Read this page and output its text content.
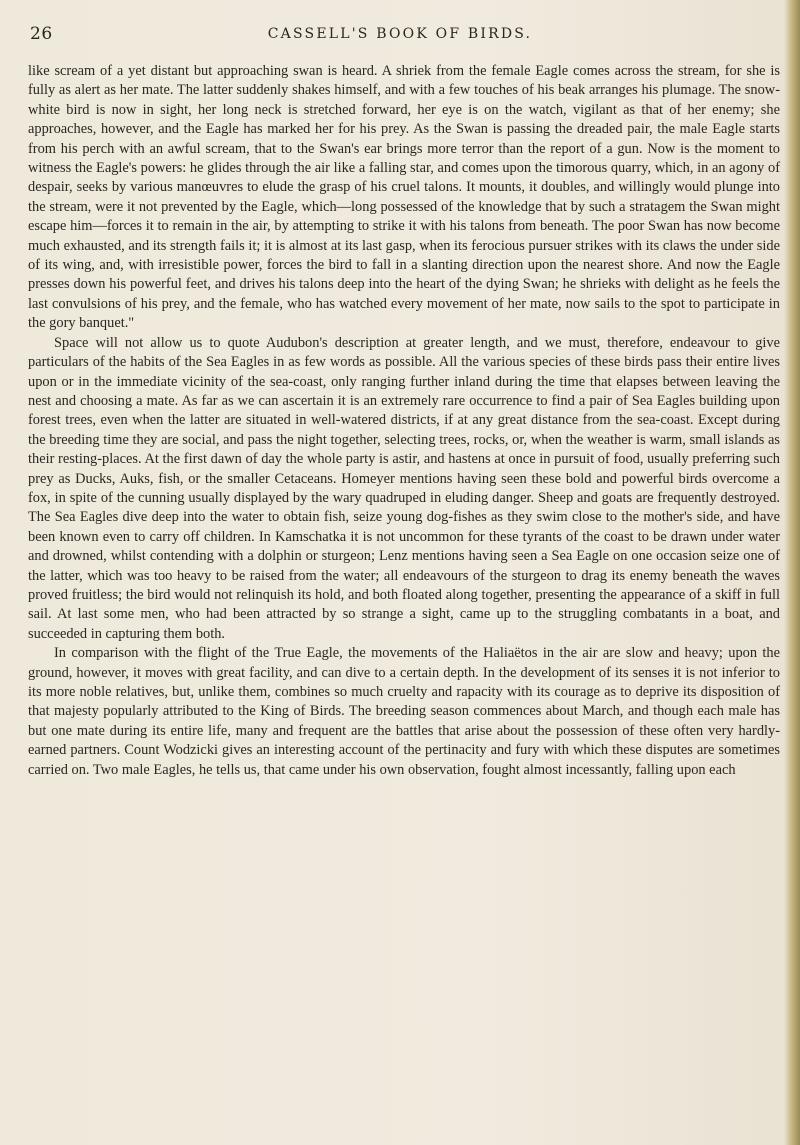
26	CASSELL'S BOOK OF BIRDS.

like scream of a yet distant but approaching swan is heard. A shriek from the female Eagle comes across the stream, for she is fully as alert as her mate. The latter suddenly shakes himself, and with a few touches of his beak arranges his plumage. The snow-white bird is now in sight, her long neck is stretched forward, her eye is on the watch, vigilant as that of her enemy; she approaches, however, and the Eagle has marked her for his prey. As the Swan is passing the dreaded pair, the male Eagle starts from his perch with an awful scream, that to the Swan's ear brings more terror than the report of a gun. Now is the moment to witness the Eagle's powers: he glides through the air like a falling star, and comes upon the timorous quarry, which, in an agony of despair, seeks by various manœuvres to elude the grasp of his cruel talons. It mounts, it doubles, and willingly would plunge into the stream, were it not prevented by the Eagle, which—long possessed of the knowledge that by such a stratagem the Swan might escape him—forces it to remain in the air, by attempting to strike it with his talons from beneath. The poor Swan has now become much exhausted, and its strength fails it; it is almost at its last gasp, when its ferocious pursuer strikes with its claws the under side of its wing, and, with irresistible power, forces the bird to fall in a slanting direction upon the nearest shore. And now the Eagle presses down his powerful feet, and drives his talons deep into the heart of the dying Swan; he shrieks with delight as he feels the last convulsions of his prey, and the female, who has watched every movement of her mate, now sails to the spot to participate in the gory banquet."

Space will not allow us to quote Audubon's description at greater length, and we must, therefore, endeavour to give particulars of the habits of the Sea Eagles in as few words as possible. All the various species of these birds pass their entire lives upon or in the immediate vicinity of the sea-coast, only ranging further inland during the time that elapses between leaving the nest and choosing a mate. As far as we can ascertain it is an extremely rare occurrence to find a pair of Sea Eagles building upon forest trees, even when the latter are situated in well-watered districts, if at any great distance from the sea-coast. Except during the breeding time they are social, and pass the night together, selecting trees, rocks, or, when the weather is warm, small islands as their resting-places. At the first dawn of day the whole party is astir, and hastens at once in pursuit of food, usually preferring such prey as Ducks, Auks, fish, or the smaller Cetaceans. Homeyer mentions having seen these bold and powerful birds overcome a fox, in spite of the cunning usually displayed by the wary quadruped in eluding danger. Sheep and goats are frequently destroyed. The Sea Eagles dive deep into the water to obtain fish, seize young dog-fishes as they swim close to the mother's side, and have been known even to carry off children. In Kamschatka it is not uncommon for these tyrants of the coast to be drawn under water and drowned, whilst contending with a dolphin or sturgeon; Lenz mentions having seen a Sea Eagle on one occasion seize one of the latter, which was too heavy to be raised from the water; all endeavours of the sturgeon to drag its enemy beneath the waves proved fruitless; the bird would not relinquish its hold, and both floated along together, presenting the appearance of a skiff in full sail. At last some men, who had been attracted by so strange a sight, came up to the struggling combatants in a boat, and succeeded in capturing them both.

In comparison with the flight of the True Eagle, the movements of the Haliaëtos in the air are slow and heavy; upon the ground, however, it moves with great facility, and can dive to a certain depth. In the development of its senses it is not inferior to its more noble relatives, but, unlike them, combines so much cruelty and rapacity with its courage as to deprive its disposition of that majesty popularly attributed to the King of Birds. The breeding season commences about March, and though each male has but one mate during its entire life, many and frequent are the battles that arise about the possession of these often very hardly-earned partners. Count Wodzicki gives an interesting account of the pertinacity and fury with which these disputes are sometimes carried on. Two male Eagles, he tells us, that came under his own observation, fought almost incessantly, falling upon each
